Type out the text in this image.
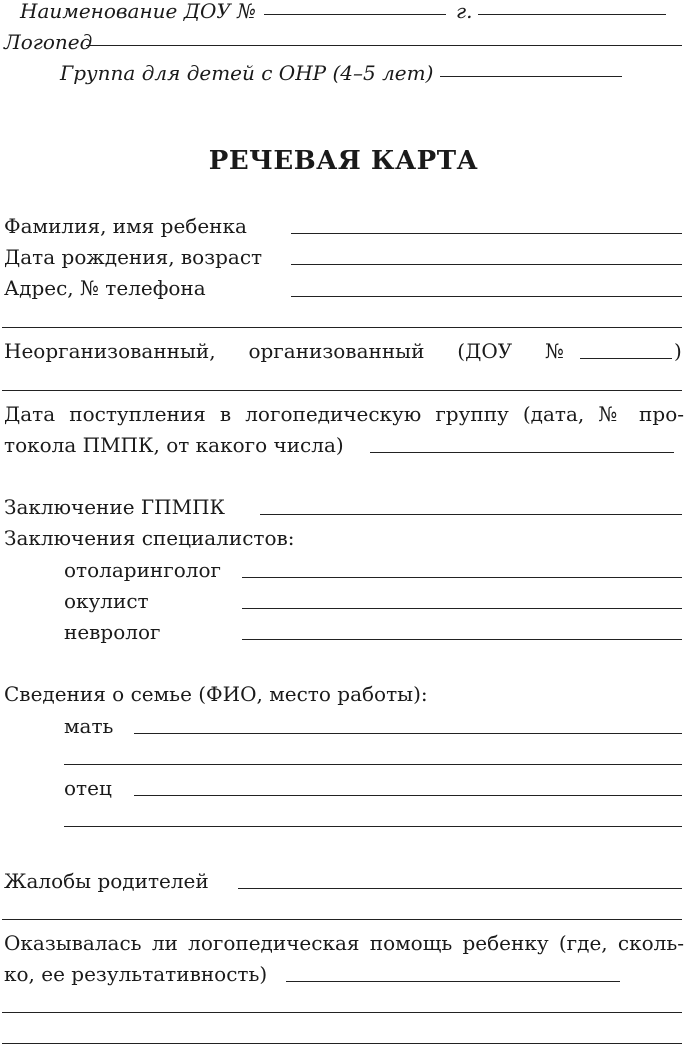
Наименование ДОУ №	г.
Логопед
Группа для детей с ОНР (4–5 лет)
РЕЧЕВАЯ КАРТА
Фамилия, имя ребенка
Дата рождения, возраст
Адрес, № телефона
Неорганизованный, организованный (ДОУ №	)
Дата поступления в логопедическую группу (дата, № про-
токола ПМПК, от какого числа)
Заключение ГПМПК
Заключения специалистов:
отоларинголог
окулист
невролог
Сведения о семье (ФИО, место работы):
мать
отец
Жалобы родителей
Оказывалась ли логопедическая помощь ребенку (где, сколь-
ко, ее результативность)
